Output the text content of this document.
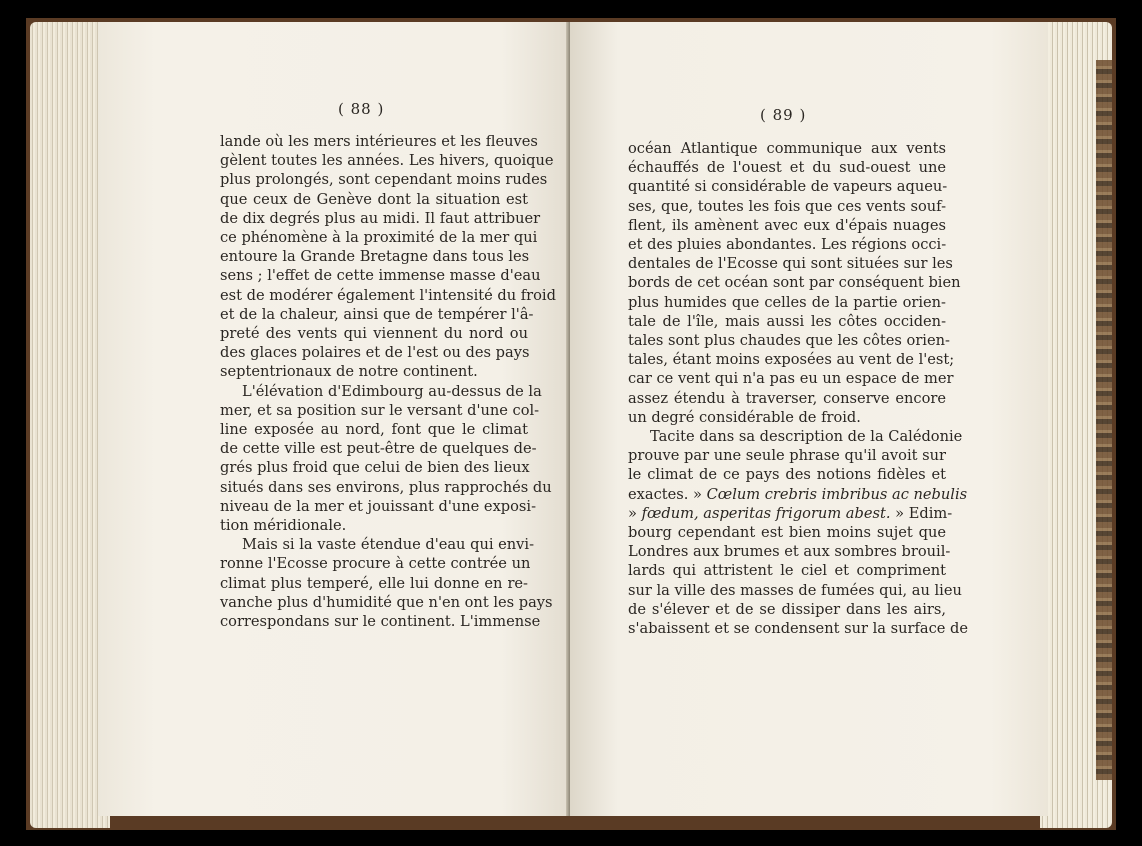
( 88 )
lande où les mers intérieures et les fleuves
gèlent toutes les années. Les hivers, quoique
plus prolongés, sont cependant moins rudes
que ceux de Genève dont la situation est
de dix degrés plus au midi. Il faut attribuer
ce phénomène à la proximité de la mer qui
entoure la Grande Bretagne dans tous les
sens ; l'effet de cette immense masse d'eau
est de modérer également l'intensité du froid
et de la chaleur, ainsi que de tempérer l'â-
preté des vents qui viennent du nord ou
des glaces polaires et de l'est ou des pays
septentrionaux de notre continent.
L'élévation d'Edimbourg au-dessus de la
mer, et sa position sur le versant d'une col-
line exposée au nord, font que le climat
de cette ville est peut-être de quelques de-
grés plus froid que celui de bien des lieux
situés dans ses environs, plus rapprochés du
niveau de la mer et jouissant d'une exposi-
tion méridionale.
Mais si la vaste étendue d'eau qui envi-
ronne l'Ecosse procure à cette contrée un
climat plus temperé, elle lui donne en re-
vanche plus d'humidité que n'en ont les pays
correspondans sur le continent. L'immense
( 89 )
océan Atlantique communique aux vents
échauffés de l'ouest et du sud-ouest une
quantité si considérable de vapeurs aqueu-
ses, que, toutes les fois que ces vents souf-
flent, ils amènent avec eux d'épais nuages
et des pluies abondantes. Les régions occi-
dentales de l'Ecosse qui sont situées sur les
bords de cet océan sont par conséquent bien
plus humides que celles de la partie orien-
tale de l'île, mais aussi les côtes occiden-
tales sont plus chaudes que les côtes orien-
tales, étant moins exposées au vent de l'est;
car ce vent qui n'a pas eu un espace de mer
assez étendu à traverser, conserve encore
un degré considérable de froid.
Tacite dans sa description de la Calédonie
prouve par une seule phrase qu'il avoit sur
le climat de ce pays des notions fidèles et
exactes. » Cœlum crebris imbribus ac nebulis
» fœdum, asperitas frigorum abest. » Edim-
bourg cependant est bien moins sujet que
Londres aux brumes et aux sombres brouil-
lards qui attristent le ciel et compriment
sur la ville des masses de fumées qui, au lieu
de s'élever et de se dissiper dans les airs,
s'abaissent et se condensent sur la surface de
